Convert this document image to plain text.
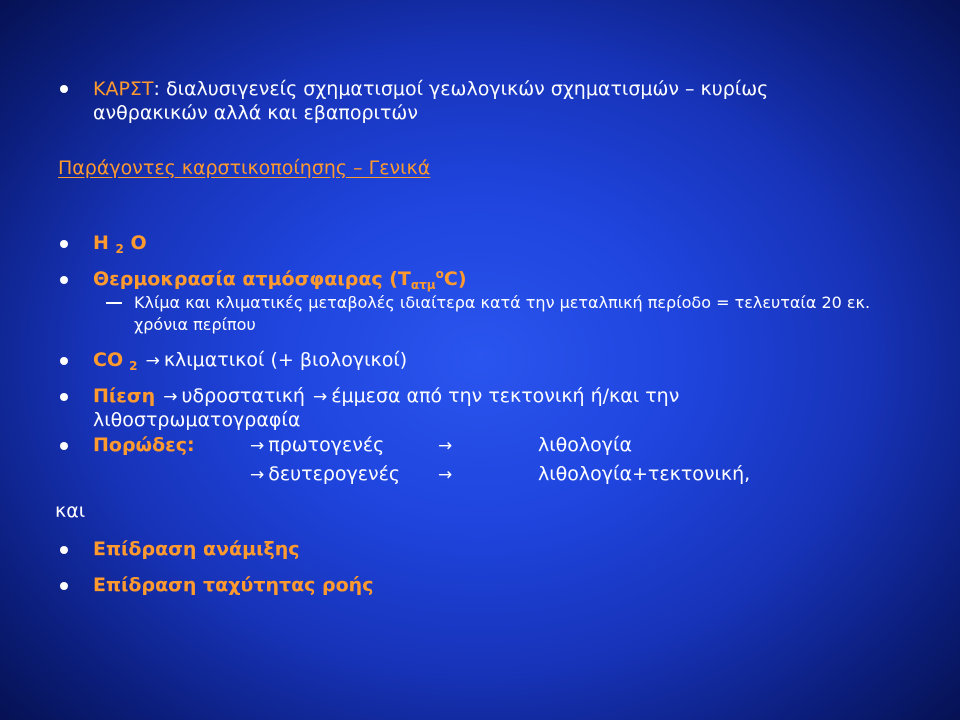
ΚΑΡΣΤ: διαλυσιγενείς σχηματισμοί γεωλογικών σχηματισμών – κυρίως
ανθρακικών αλλά και εβαποριτών
Παράγοντες καρστικοποίησης – Γενικά
H $_2$ O
Θερμοκρασία ατμόσφαιρας $(T_{\alpha\tau\mu}^oC)$
Κλίμα και κλιματικές μεταβολές ιδιαίτερα κατά την μεταλπική περίοδο = τελευταία 20 εκ.
χρόνια περίπου
CO $_2$ → κλιματικοί (+ βιολογικοί)
Πίεση → υδροστατική → έμμεσα από την τεκτονική ή/και την
λιθοστρωματογραφία
Πορώδες:	→ πρωτογενές	→	λιθολογία
→ δευτερογενές →	λιθολογία+τεκτονική,
και
Επίδραση ανάμιξης
Επίδραση ταχύτητας ροής
